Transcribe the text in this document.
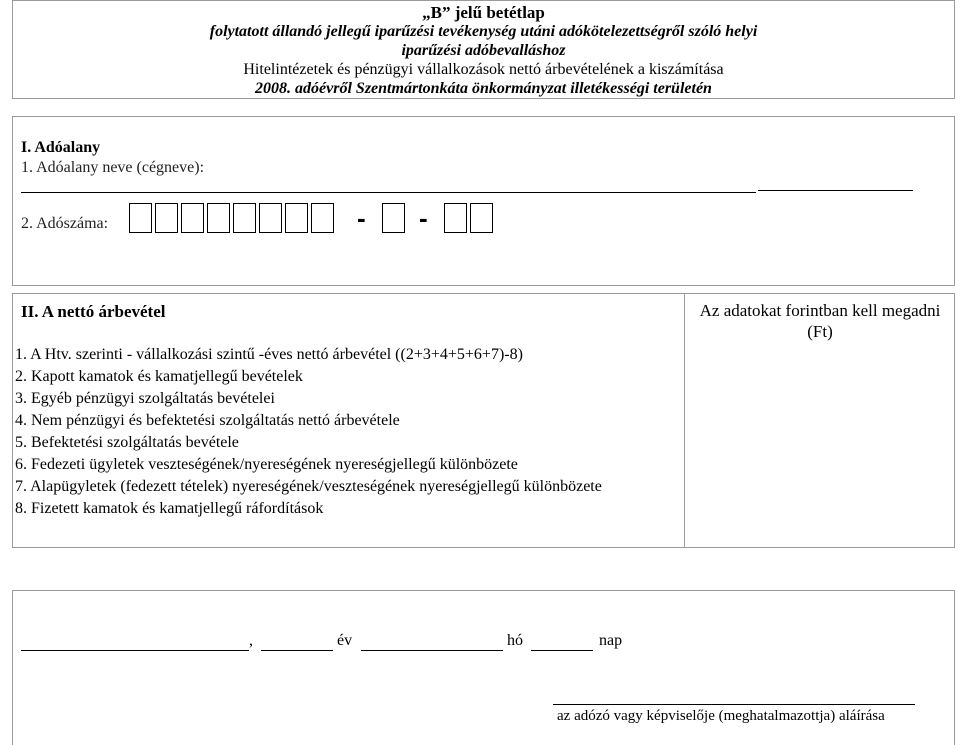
„B” jelű betétlap
folytatott állandó jellegű iparűzési tevékenység utáni adókötelezettségről szóló helyi
iparűzési adóbevalláshoz
Hitelintézetek és pénzügyi vállalkozások nettó árbevételének a kiszámítása
2008. adóévről Szentmártonkáta önkormányzat illetékességi területén
I. Adóalany
1. Adóalany neve (cégneve):
2. Adószáma:	- -
II. A nettó árbevétel	Az adatokat forintban kell megadni (Ft)
1. A Htv. szerinti - vállalkozási szintű -éves nettó árbevétel ((2+3+4+5+6+7)-8)
2. Kapott kamatok és kamatjellegű bevételek
3. Egyéb pénzügyi szolgáltatás bevételei
4. Nem pénzügyi és befektetési szolgáltatás nettó árbevétele
5. Befektetési szolgáltatás bevétele
6. Fedezeti ügyletek veszteségének/nyereségének nyereségjellegű különbözete
7. Alapügyletek (fedezett tételek) nyereségének/veszteségének nyereségjellegű különbözete
8. Fizetett kamatok és kamatjellegű ráfordítások
,	év	hó	nap
az adózó vagy képviselője (meghatalmazottja) aláírása
